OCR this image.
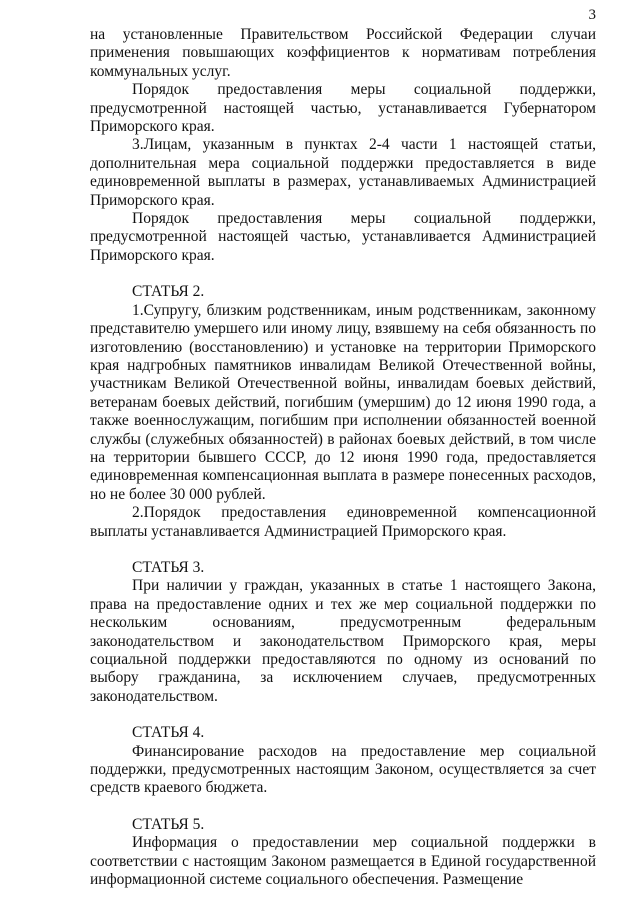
3

на установленные Правительством Российской Федерации случаи применения повышающих коэффициентов к нормативам потребления коммунальных услуг.

Порядок предоставления меры социальной поддержки, предусмотренной настоящей частью, устанавливается Губернатором Приморского края.

3.Лицам, указанным в пунктах 2-4 части 1 настоящей статьи, дополнительная мера социальной поддержки предоставляется в виде единовременной выплаты в размерах, устанавливаемых Администрацией Приморского края.

Порядок предоставления меры социальной поддержки, предусмотренной настоящей частью, устанавливается Администрацией Приморского края.

СТАТЬЯ 2.

1.Супругу, близким родственникам, иным родственникам, законному представителю умершего или иному лицу, взявшему на себя обязанность по изготовлению (восстановлению) и установке на территории Приморского края надгробных памятников инвалидам Великой Отечественной войны, участникам Великой Отечественной войны, инвалидам боевых действий, ветеранам боевых действий, погибшим (умершим) до 12 июня 1990 года, а также военнослужащим, погибшим при исполнении обязанностей военной службы (служебных обязанностей) в районах боевых действий, в том числе на территории бывшего СССР, до 12 июня 1990 года, предоставляется единовременная компенсационная выплата в размере понесенных расходов, но не более 30 000 рублей.

2.Порядок предоставления единовременной компенсационной выплаты устанавливается Администрацией Приморского края.

СТАТЬЯ 3.

При наличии у граждан, указанных в статье 1 настоящего Закона, права на предоставление одних и тех же мер социальной поддержки по нескольким основаниям, предусмотренным федеральным законодательством и законодательством Приморского края, меры социальной поддержки предоставляются по одному из оснований по выбору гражданина, за исключением случаев, предусмотренных законодательством.

СТАТЬЯ 4.

Финансирование расходов на предоставление мер социальной поддержки, предусмотренных настоящим Законом, осуществляется за счет средств краевого бюджета.

СТАТЬЯ 5.

Информация о предоставлении мер социальной поддержки в соответствии с настоящим Законом размещается в Единой государственной информационной системе социального обеспечения. Размещение
